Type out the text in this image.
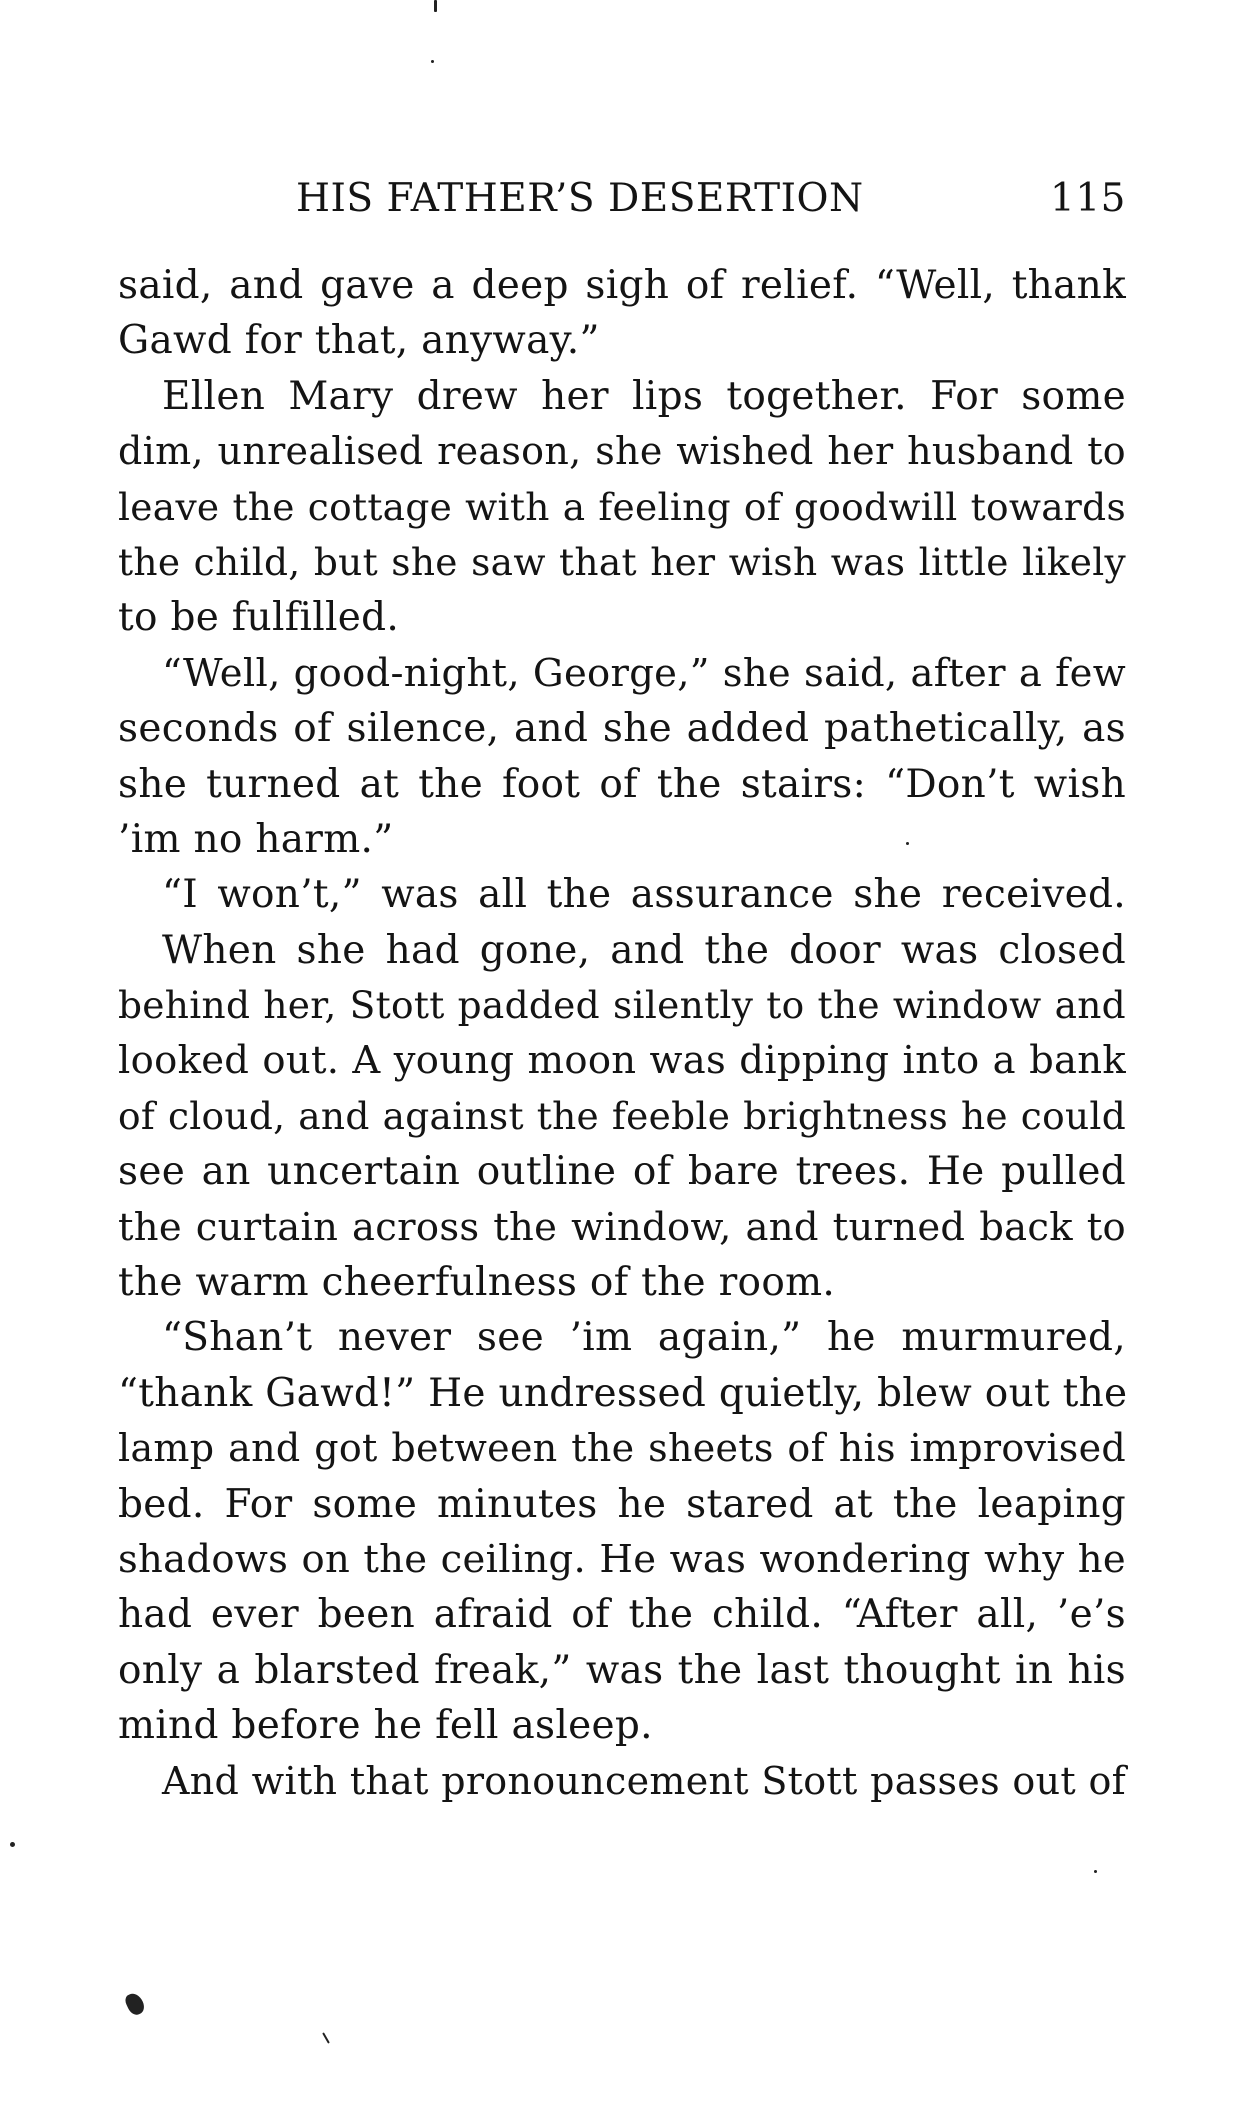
HIS FATHER’S DESERTION	115
said, and gave a deep sigh of relief. “Well, thank
Gawd for that, anyway.”
Ellen Mary drew her lips together. For some
dim, unrealised reason, she wished her husband to
leave the cottage with a feeling of goodwill towards
the child, but she saw that her wish was little likely
to be fulfilled.
“Well, good-night, George,” she said, after a few
seconds of silence, and she added pathetically, as
she turned at the foot of the stairs: “Don’t wish
’im no harm.”
“I won’t,” was all the assurance she received.
When she had gone, and the door was closed
behind her, Stott padded silently to the window and
looked out. A young moon was dipping into a bank
of cloud, and against the feeble brightness he could
see an uncertain outline of bare trees. He pulled
the curtain across the window, and turned back to
the warm cheerfulness of the room.
“Shan’t never see ’im again,” he murmured,
“thank Gawd!” He undressed quietly, blew out the
lamp and got between the sheets of his improvised
bed. For some minutes he stared at the leaping
shadows on the ceiling. He was wondering why he
had ever been afraid of the child. “After all, ’e’s
only a blarsted freak,” was the last thought in his
mind before he fell asleep.
And with that pronouncement Stott passes out of
